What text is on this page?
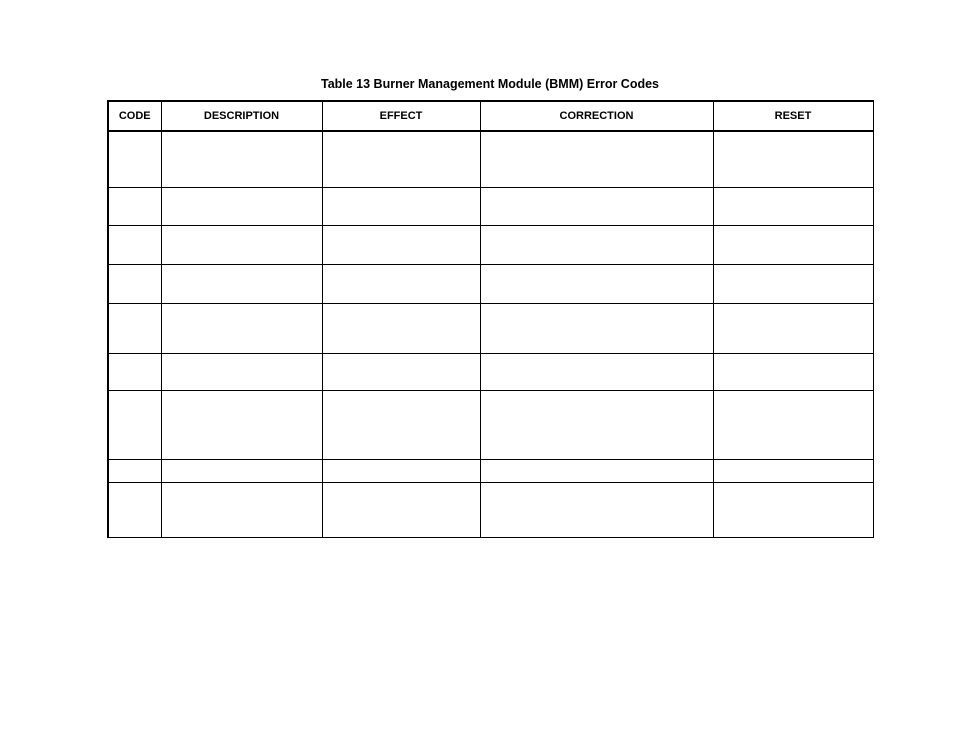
Table 13 Burner Management Module (BMM) Error Codes
CODE	DESCRIPTION	EFFECT	CORRECTION	RESET
